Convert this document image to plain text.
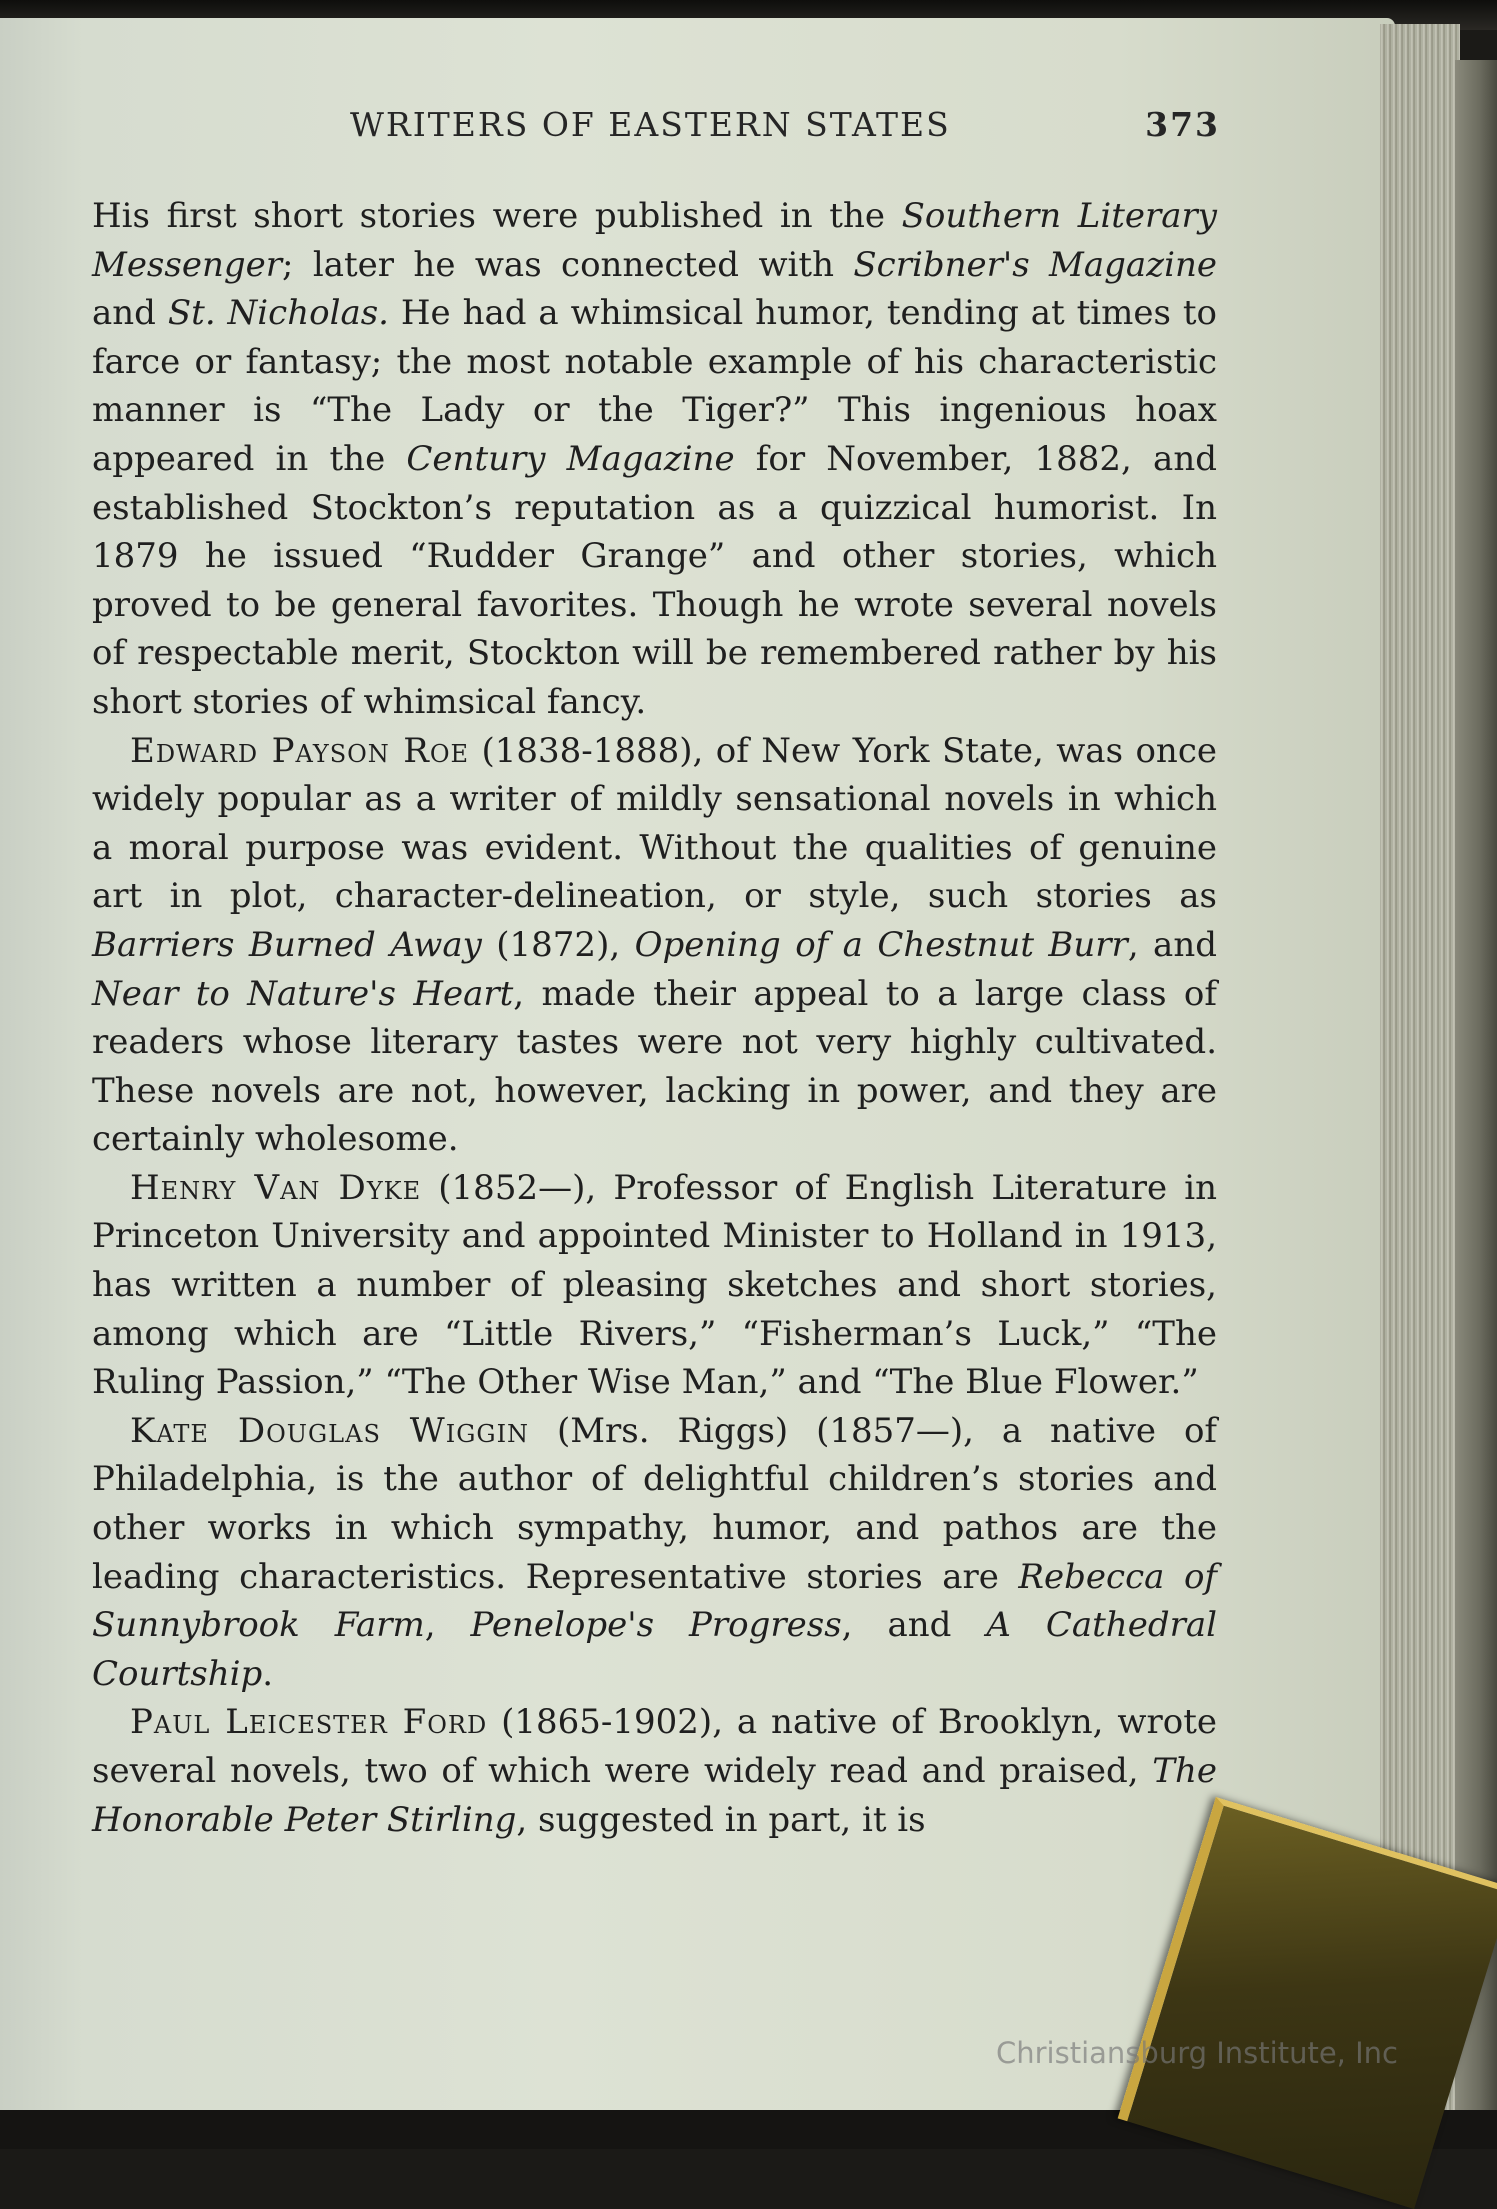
WRITERS OF EASTERN STATES	373

His first short stories were published in the Southern Literary Messenger; later he was connected with Scribner's Magazine and St. Nicholas. He had a whimsical humor, tending at times to farce or fantasy; the most notable example of his characteristic manner is “The Lady or the Tiger?” This ingenious hoax appeared in the Century Magazine for November, 1882, and established Stockton’s reputation as a quizzical humorist. In 1879 he issued “Rudder Grange” and other stories, which proved to be general favorites. Though he wrote several novels of respectable merit, Stockton will be remembered rather by his short stories of whimsical fancy.

Edward Payson Roe (1838-1888), of New York State, was once widely popular as a writer of mildly sensational novels in which a moral purpose was evident. Without the qualities of genuine art in plot, character-delineation, or style, such stories as Barriers Burned Away (1872), Opening of a Chestnut Burr, and Near to Nature's Heart, made their appeal to a large class of readers whose literary tastes were not very highly cultivated. These novels are not, however, lacking in power, and they are certainly wholesome.

Henry Van Dyke (1852—), Professor of English Literature in Princeton University and appointed Minister to Holland in 1913, has written a number of pleasing sketches and short stories, among which are “Little Rivers,” “Fisherman’s Luck,” “The Ruling Passion,” “The Other Wise Man,” and “The Blue Flower.”

Kate Douglas Wiggin (Mrs. Riggs) (1857—), a native of Philadelphia, is the author of delightful children’s stories and other works in which sympathy, humor, and pathos are the leading characteristics. Representative stories are Rebecca of Sunnybrook Farm, Penelope's Progress, and A Cathedral Courtship.

Paul Leicester Ford (1865-1902), a native of Brooklyn, wrote several novels, two of which were widely read and praised, The Honorable Peter Stirling, suggested in part, it is

Christiansburg Institute, Inc
